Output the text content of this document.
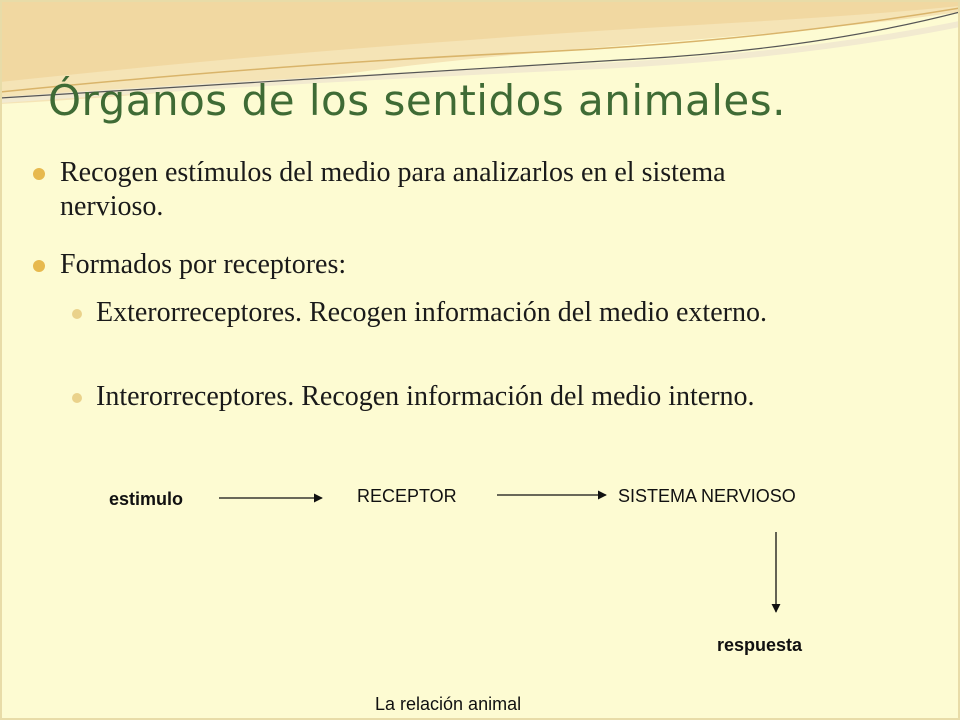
Órganos de los sentidos animales.
Recogen estímulos del medio para analizarlos en el sistema nervioso.
Formados por receptores:
Exterorreceptores. Recogen información del medio externo.
Interorreceptores. Recogen información del medio interno.
estimulo	RECEPTOR	SISTEMA NERVIOSO
respuesta
La relación animal
